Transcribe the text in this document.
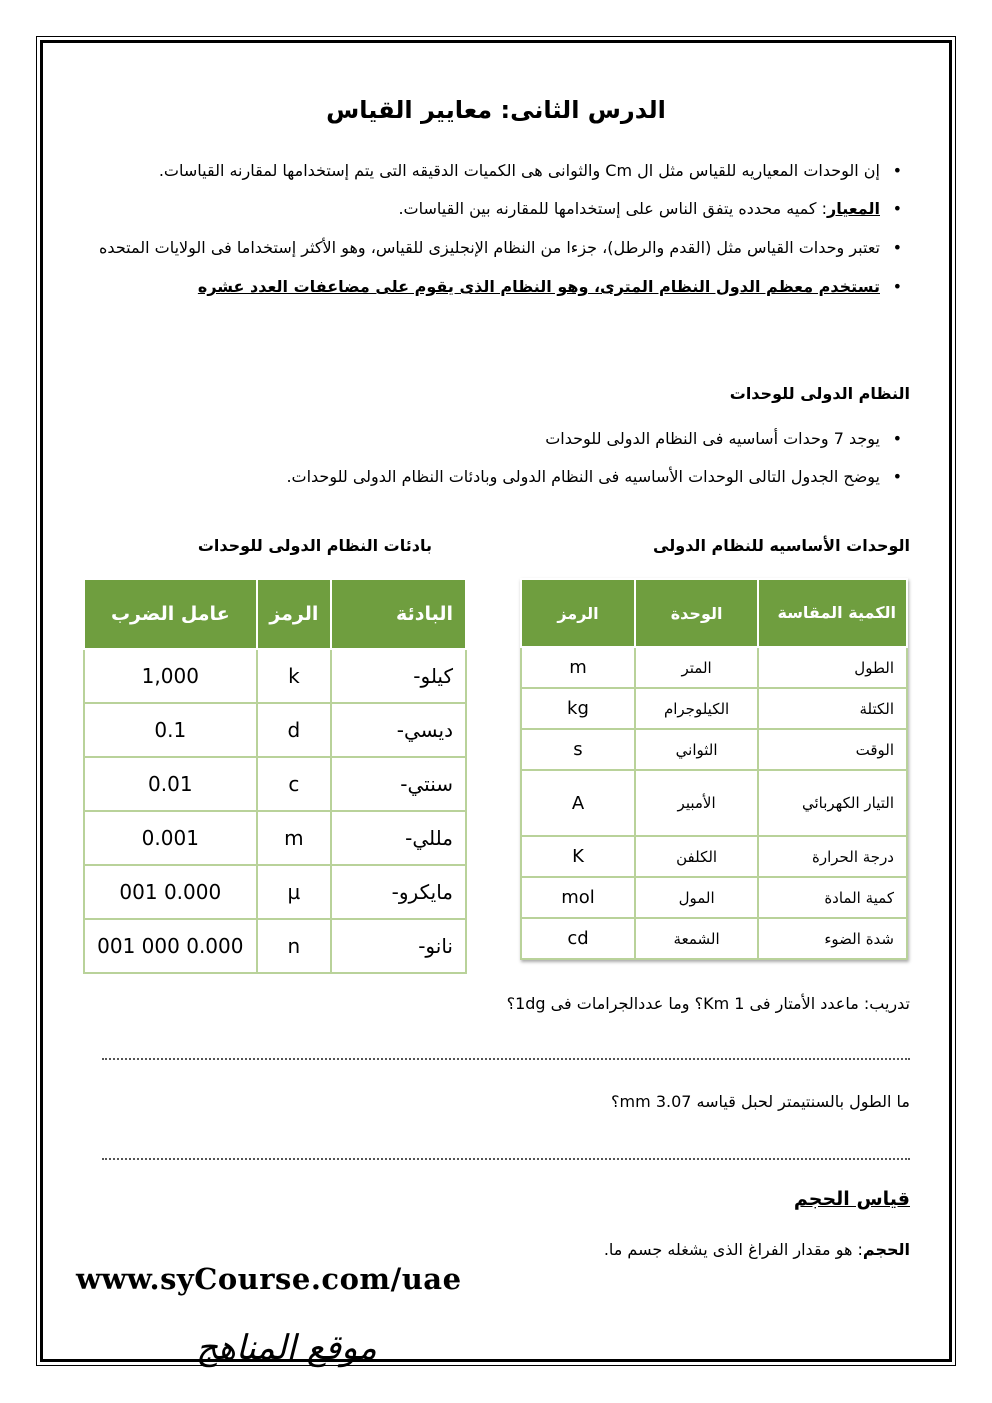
الدرس الثانى: معايير القياس
• إن الوحدات المعياريه للقياس مثل ال Cm والثوانى هى الكميات الدقيقه التى يتم إستخدامها لمقارنه القياسات.
• المعيار: كميه محدده يتفق الناس على إستخدامها للمقارنه بين القياسات.
• تعتبر وحدات القياس مثل (القدم والرطل)، جزءا من النظام الإنجليزى للقياس، وهو الأكثر إستخداما فى الولايات المتحده
• تستخدم معظم الدول النظام المترى، وهو النظام الذى يقوم على مضاعفات العدد عشره
النظام الدولى للوحدات
• يوجد 7 وحدات أساسيه فى النظام الدولى للوحدات
• يوضح الجدول التالى الوحدات الأساسيه فى النظام الدولى وبادئات النظام الدولى للوحدات.
الوحدات الأساسيه للنظام الدولى
بادئات النظام الدولى للوحدات
الكمية المقاسة	الوحدة	الرمز
الطول	المتر	m
الكتلة	الكيلوجرام	kg
الوقت	الثواني	s
التيار الكهربائي	الأمبير	A
درجة الحرارة	الكلفن	K
كمية المادة	المول	mol
شدة الضوء	الشمعة	cd
البادئة	الرمز	عامل الضرب
كيلو-	k	1,000
ديسي-	d	0.1
سنتي-	c	0.01
مللي-	m	0.001
مايكرو-	µ	0.000 001
نانو-	n	0.000 000 001
تدريب: ماعدد الأمتار فى 1 Km؟ وما عددالجرامات فى 1dg؟
ما الطول بالسنتيمتر لحبل قياسه 3.07 mm؟
قياس الحجم
الحجم: هو مقدار الفراغ الذى يشغله جسم ما.
www.syCourse.com/uae
موقع المناهج
